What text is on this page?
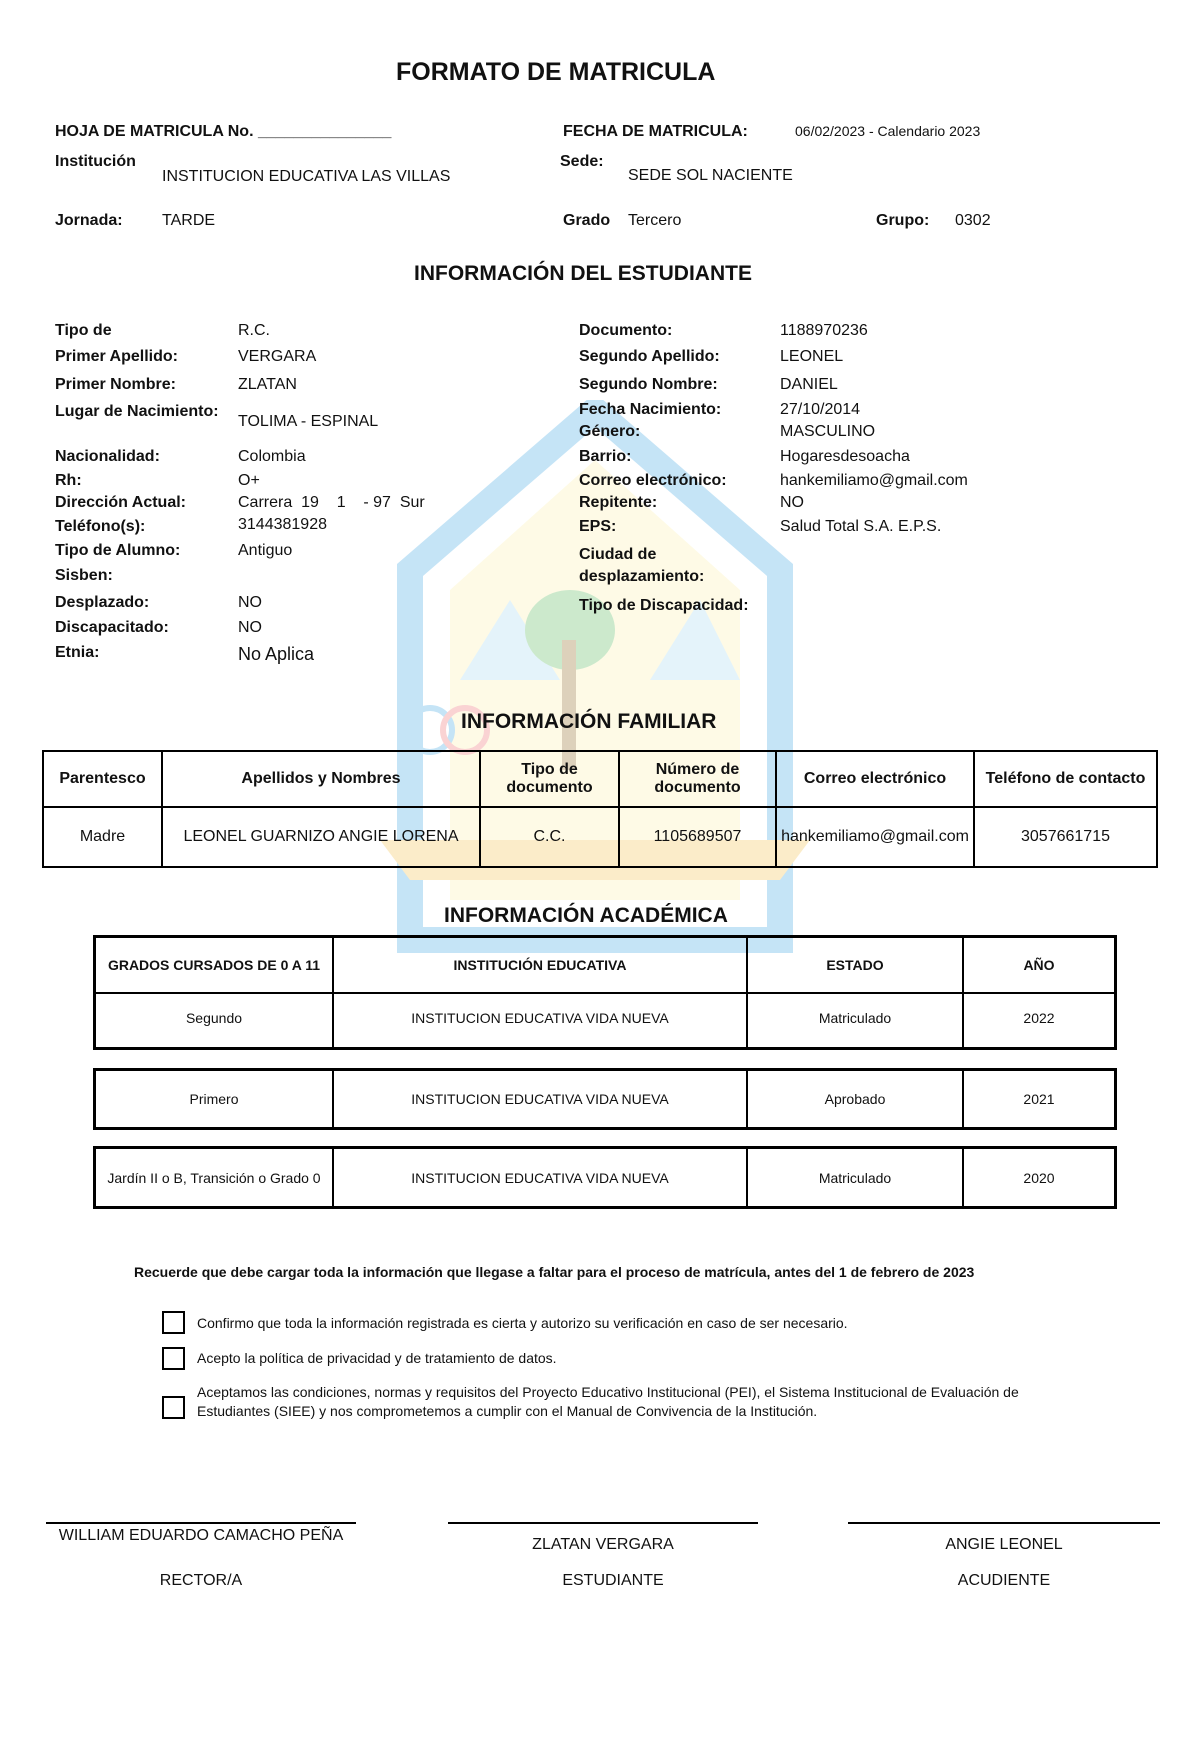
FORMATO DE MATRICULA
HOJA DE MATRICULA No. _______________	FECHA DE MATRICULA:	06/02/2023 - Calendario 2023
Institución
INSTITUCION EDUCATIVA LAS VILLAS
Sede:
SEDE SOL NACIENTE
Jornada: TARDE	Grado Tercero	Grupo: 0302
INFORMACIÓN DEL ESTUDIANTE
Tipo de	R.C.
Primer Apellido:	VERGARA
Primer Nombre:	ZLATAN
Lugar de Nacimiento:
TOLIMA - ESPINAL
Nacionalidad:	Colombia
Rh:	O+
Dirección Actual:	Carrera  19    1    - 97  Sur
Teléfono(s):	3144381928
Tipo de Alumno:	Antiguo
Sisben:
Desplazado:	NO
Discapacitado:	NO
Etnia:	No Aplica
Documento:	1188970236
Segundo Apellido:	LEONEL
Segundo Nombre:	DANIEL
Fecha Nacimiento:	27/10/2014
Género:	MASCULINO
Barrio:	Hogaresdesoacha
Correo electrónico:	hankemiliamo@gmail.com
Repitente:	NO
EPS:	Salud Total S.A. E.P.S.
Ciudad de desplazamiento:
Tipo de Discapacidad:
INFORMACIÓN FAMILIAR
Parentesco	Apellidos y Nombres	Tipo de documento	Número de documento	Correo electrónico	Teléfono de contacto
Madre	LEONEL GUARNIZO ANGIE LORENA	C.C.	1105689507	hankemiliamo@gmail.com	3057661715
INFORMACIÓN ACADÉMICA
GRADOS CURSADOS DE 0 A 11	INSTITUCIÓN EDUCATIVA	ESTADO	AÑO
Segundo	INSTITUCION EDUCATIVA VIDA NUEVA	Matriculado	2022
Primero	INSTITUCION EDUCATIVA VIDA NUEVA	Aprobado	2021
Jardín II o B, Transición o Grado 0	INSTITUCION EDUCATIVA VIDA NUEVA	Matriculado	2020
Recuerde que debe cargar toda la información que llegase a faltar para el proceso de matrícula, antes del 1 de febrero de 2023
Confirmo que toda la información registrada es cierta y autorizo su verificación en caso de ser necesario.
Acepto la política de privacidad y de tratamiento de datos.
Aceptamos las condiciones, normas y requisitos del Proyecto Educativo Institucional (PEI), el Sistema Institucional de Evaluación de Estudiantes (SIEE) y nos comprometemos a cumplir con el Manual de Convivencia de la Institución.
WILLIAM EDUARDO CAMACHO PEÑA
RECTOR/A
ZLATAN VERGARA
ESTUDIANTE
ANGIE LEONEL
ACUDIENTE
